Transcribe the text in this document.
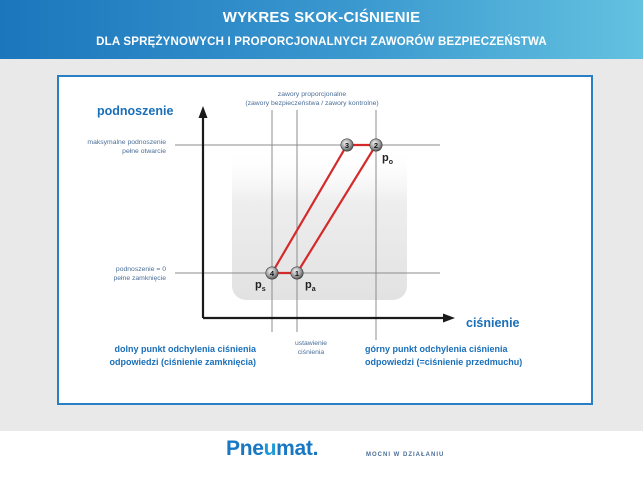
WYKRES SKOK-CIŚNIENIE
DLA SPRĘŻYNOWYCH I PROPORCJONALNYCH ZAWORÓW BEZPIECZEŃSTWA
1
2
3
4
$p_s$	$p_a$
$p_o$
podnoszenie
ciśnienie
zawory proporcjonalne
(zawory bezpieczeństwa / zawory kontrolne)
maksymalne podnoszenie
pełne otwarcie
podnoszenie = 0
pełne zamknięcie
ustawienie
ciśnienia
dolny punkt odchylenia ciśnienia
odpowiedzi (ciśnienie zamknięcia)
górny punkt odchylenia ciśnienia
odpowiedzi (=ciśnienie przedmuchu)
Pneumat.	MOCNI W DZIAŁANIU
